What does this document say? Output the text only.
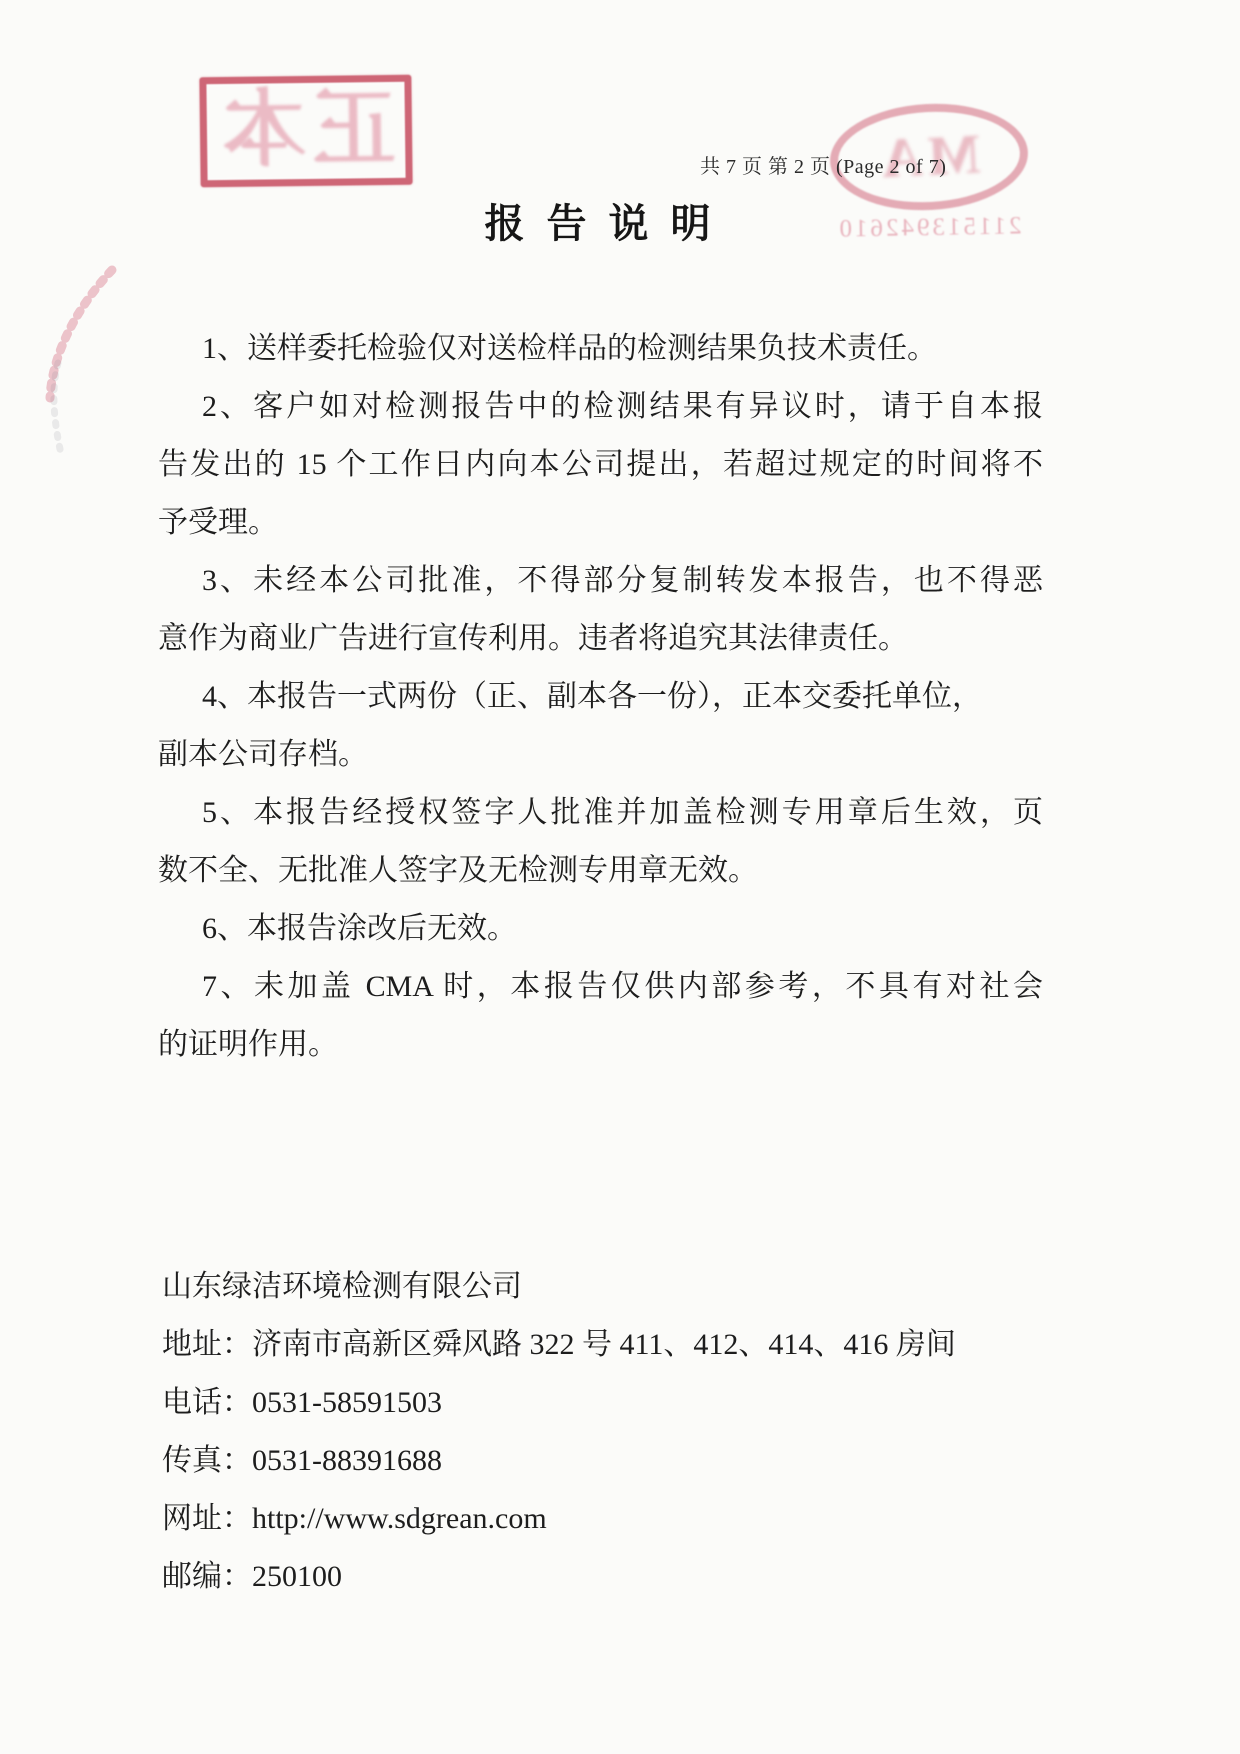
正本	共 7 页 第 2 页 (Page 2 of 7)
MA
211513942610
报 告 说 明
1、送样委托检验仅对送检样品的检测结果负技术责任。
2、客户如对检测报告中的检测结果有异议时，请于自本报
告发出的 15 个工作日内向本公司提出，若超过规定的时间将不
予受理。
3、未经本公司批准，不得部分复制转发本报告，也不得恶
意作为商业广告进行宣传利用。违者将追究其法律责任。
4、本报告一式两份（正、副本各一份），正本交委托单位，
副本公司存档。
5、本报告经授权签字人批准并加盖检测专用章后生效，页
数不全、无批准人签字及无检测专用章无效。
6、本报告涂改后无效。
7、未加盖 CMA 时，本报告仅供内部参考，不具有对社会
的证明作用。
山东绿洁环境检测有限公司
地址：济南市高新区舜风路 322 号 411、412、414、416 房间
电话：0531-58591503
传真：0531-88391688
网址：http://www.sdgrean.com
邮编：250100
